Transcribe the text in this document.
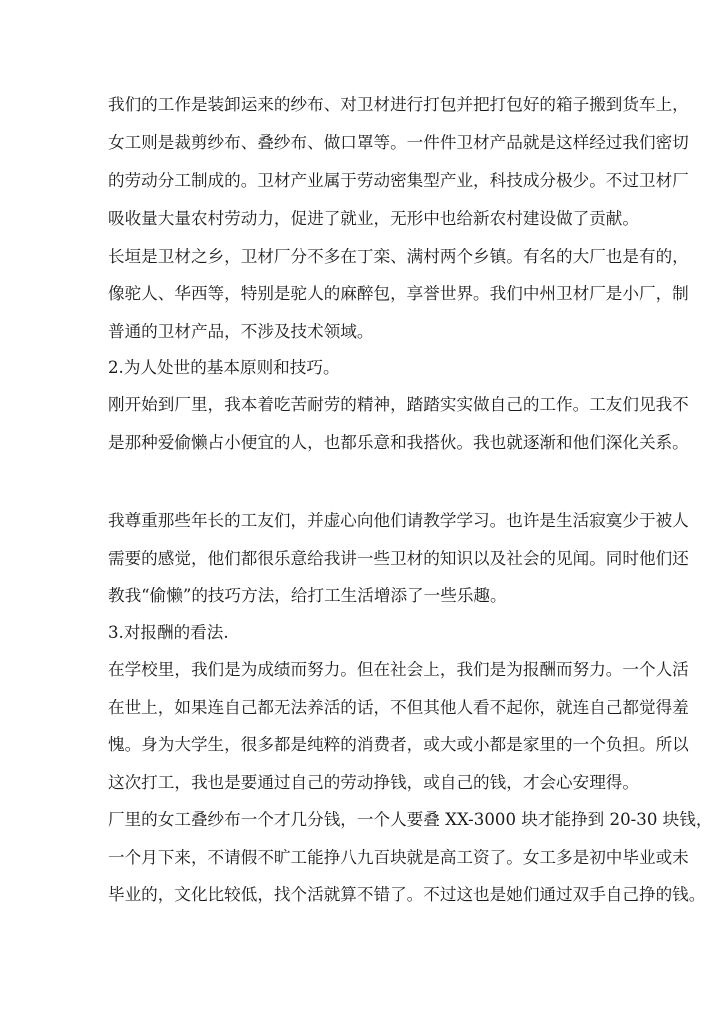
我们的工作是装卸运来的纱布、对卫材进行打包并把打包好的箱子搬到货车上，
女工则是裁剪纱布、叠纱布、做口罩等。一件件卫材产品就是这样经过我们密切
的劳动分工制成的。卫材产业属于劳动密集型产业，科技成分极少。不过卫材厂
吸收量大量农村劳动力，促进了就业，无形中也给新农村建设做了贡献。
长垣是卫材之乡，卫材厂分不多在丁栾、满村两个乡镇。有名的大厂也是有的，
像驼人、华西等，特别是驼人的麻醉包，享誉世界。我们中州卫材厂是小厂，制
普通的卫材产品，不涉及技术领域。
2.为人处世的基本原则和技巧。
刚开始到厂里，我本着吃苦耐劳的精神，踏踏实实做自己的工作。工友们见我不
是那种爱偷懒占小便宜的人，也都乐意和我搭伙。我也就逐渐和他们深化关系。
我尊重那些年长的工友们，并虚心向他们请教学学习。也许是生活寂寞少于被人
需要的感觉，他们都很乐意给我讲一些卫材的知识以及社会的见闻。同时他们还
教我“偷懒”的技巧方法，给打工生活增添了一些乐趣。
3.对报酬的看法.
在学校里，我们是为成绩而努力。但在社会上，我们是为报酬而努力。一个人活
在世上，如果连自己都无法养活的话，不但其他人看不起你，就连自己都觉得羞
愧。身为大学生，很多都是纯粹的消费者，或大或小都是家里的一个负担。所以
这次打工，我也是要通过自己的劳动挣钱，或自己的钱，才会心安理得。
厂里的女工叠纱布一个才几分钱，一个人要叠 XX-3000 块才能挣到 20-30 块钱，
一个月下来，不请假不旷工能挣八九百块就是高工资了。女工多是初中毕业或未
毕业的，文化比较低，找个活就算不错了。不过这也是她们通过双手自己挣的钱。
